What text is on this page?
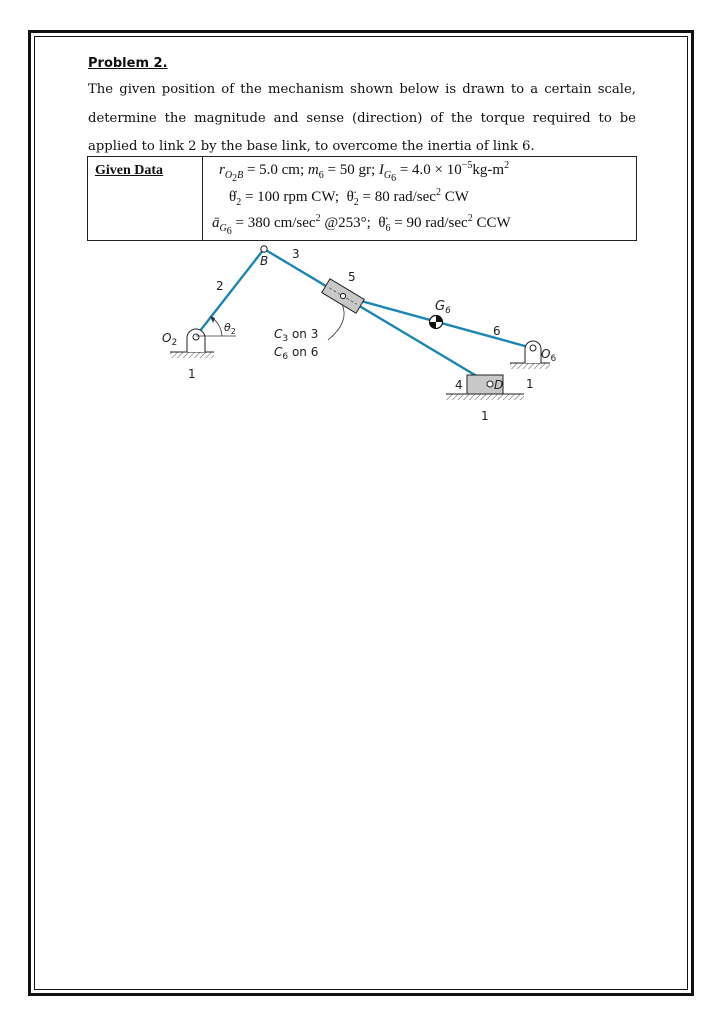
Problem 2.
The given position of the mechanism shown below is drawn to a certain scale, determine the magnitude and sense (direction) of the torque required to be applied to link 2 by the base link, to overcome the inertia of link 6.
Given Data	$r_{O_2B} = 5.0$ cm; $m_6 = 50$ gr; $I_{G_6} = 4.0 \times 10^{-5}kg-m^2$
$\thetȧ_2 = 100$ rpm CW;  $\thetä_2 = 80$ rad/$\sec^2$ CW
$ā_{G_6} = 380$ $cm/\sec^2$ @253°;  $\thetä_6 = 90$ rad/$\sec^2$ CCW
B 3
2
5
$G_6$
6
$O_2$
$\theta_2$	$C_3$ on 3
$C_6$ on 6	$O_6$
1
4	D 1
1
